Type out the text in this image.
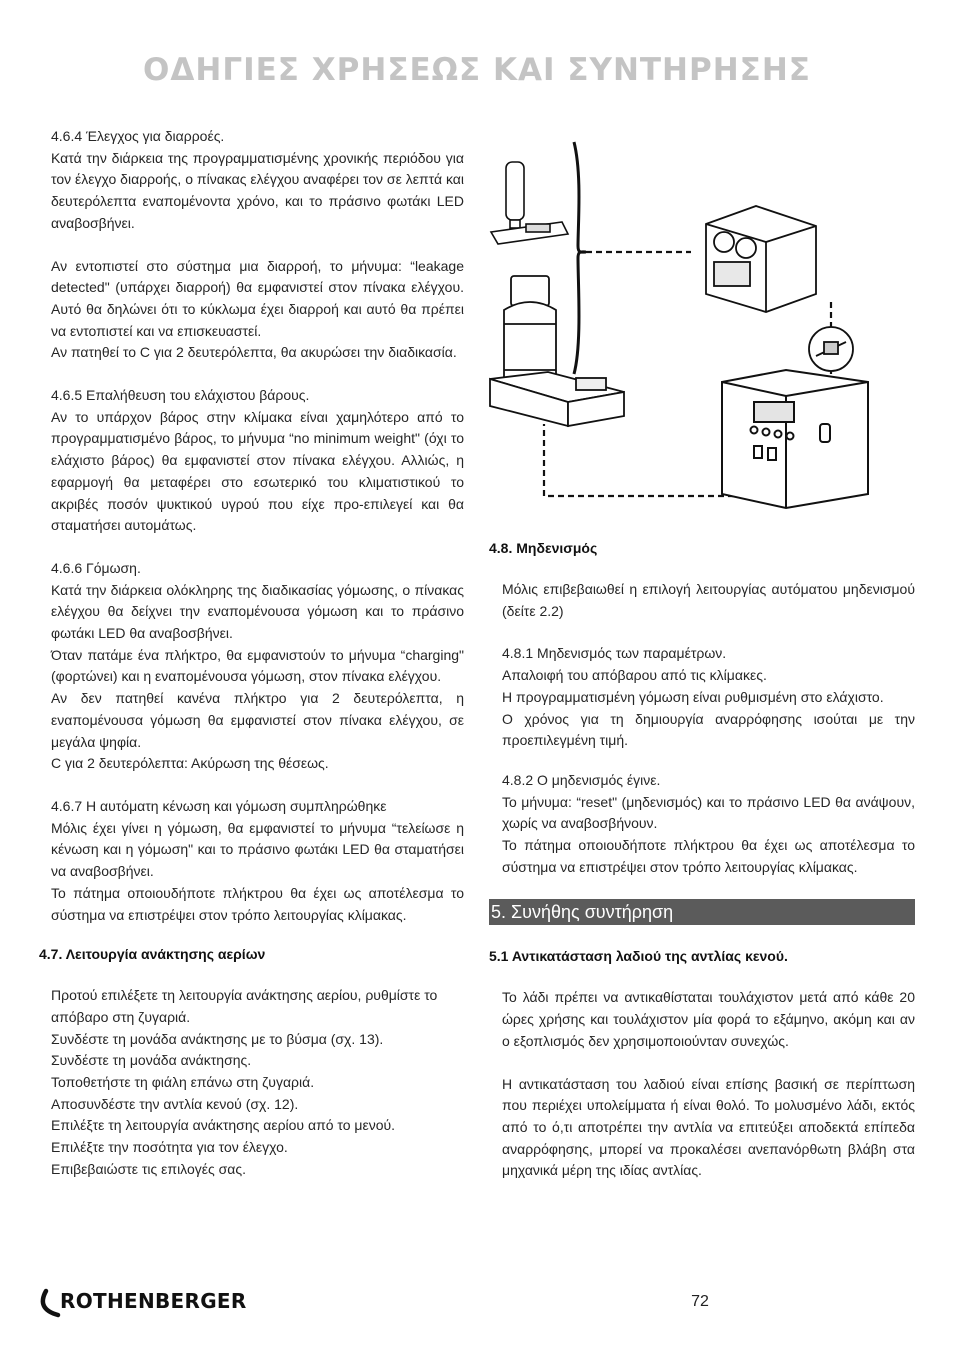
ΟΔΗΓΙΕΣ ΧΡΗΣΕΩΣ ΚΑΙ ΣΥΝΤΗΡΗΣΗΣ

4.6.4 Έλεγχος για διαρροές.

Κατά την διάρκεια της προγραμματισμένης χρονικής περιόδου για τον έλεγχο διαρροής, ο πίνακας ελέγχου αναφέρει τον σε λεπτά και δευτερόλεπτα εναπομένοντα χρόνο, και το πράσινο φωτάκι LED αναβοσβήνει.

Αν εντοπιστεί στο σύστημα μια διαρροή, το μήνυμα: “leakage detected" (υπάρχει διαρροή) θα εμφανιστεί στον πίνακα ελέγχου. Αυτό θα δηλώνει ότι το κύκλωμα έχει διαρροή και αυτό θα πρέπει να εντοπιστεί και να επισκευαστεί.

Αν πατηθεί το C για 2 δευτερόλεπτα, θα ακυρώσει την διαδικασία.

4.6.5 Επαλήθευση του ελάχιστου βάρους.

Αν το υπάρχον βάρος στην κλίμακα είναι χαμηλότερο από το προγραμματισμένο βάρος, το μήνυμα “no minimum weight" (όχι το ελάχιστο βάρος) θα εμφανιστεί στον πίνακα ελέγχου. Αλλιώς, η εφαρμογή θα μεταφέρει στο εσωτερικό του κλιματιστικού το ακριβές ποσόν ψυκτικού υγρού που είχε προ-επιλεγεί και θα σταματήσει αυτομάτως.

4.6.6 Γόμωση.

Κατά την διάρκεια ολόκληρης της διαδικασίας γόμωσης, ο πίνακας ελέγχου θα δείχνει την εναπομένουσα γόμωση και το πράσινο φωτάκι LED θα αναβοσβήνει.

Όταν πατάμε ένα πλήκτρο, θα εμφανιστούν το μήνυμα “charging" (φορτώνει) και η εναπομένουσα γόμωση, στον πίνακα ελέγχου.

Αν δεν πατηθεί κανένα πλήκτρο για 2 δευτερόλεπτα, η εναπομένουσα γόμωση θα εμφανιστεί στον πίνακα ελέγχου, σε μεγάλα ψηφία.

C για 2 δευτερόλεπτα: Ακύρωση της θέσεως.

4.6.7 Η αυτόματη κένωση και γόμωση συμπληρώθηκε

Μόλις έχει γίνει η γόμωση, θα εμφανιστεί το μήνυμα “τελείωσε η κένωση και η γόμωση" και το πράσινο φωτάκι LED θα σταματήσει να αναβοσβήνει.

Το πάτημα οποιουδήποτε πλήκτρου θα έχει ως αποτέλεσμα το σύστημα να επιστρέψει στον τρόπο λειτουργίας κλίμακας.

4.7. Λειτουργία ανάκτησης αερίων

Προτού επιλέξετε τη λειτουργία ανάκτησης αερίου, ρυθμίστε το απόβαρο στη ζυγαριά.

Συνδέστε τη μονάδα ανάκτησης με το βύσμα (σχ. 13).

Συνδέστε τη μονάδα ανάκτησης.

Τοποθετήστε τη φιάλη επάνω στη ζυγαριά.

Αποσυνδέστε την αντλία κενού (σχ. 12).

Επιλέξτε τη λειτουργία ανάκτησης αερίου από το μενού.

Επιλέξτε την ποσότητα για τον έλεγχο.

Επιβεβαιώστε τις επιλογές σας.

4.8. Μηδενισμός

Μόλις επιβεβαιωθεί η επιλογή λειτουργίας αυτόματου μηδενισμού (δείτε 2.2)

4.8.1 Μηδενισμός των παραμέτρων.

Απαλοιφή του απόβαρου από τις κλίμακες.

Η προγραμματισμένη γόμωση είναι ρυθμισμένη στο ελάχιστο.

Ο χρόνος για τη δημιουργία αναρρόφησης ισούται με την προεπιλεγμένη τιμή.

4.8.2 Ο μηδενισμός έγινε.

Το μήνυμα: “reset" (μηδενισμός) και το πράσινο LED θα ανάψουν, χωρίς να αναβοσβήνουν.

Το πάτημα οποιουδήποτε πλήκτρου θα έχει ως αποτέλεσμα το σύστημα να επιστρέψει στον τρόπο λειτουργίας κλίμακας.

5. Συνήθης συντήρηση
5.1 Αντικατάσταση λαδιού της αντλίας κενού.

Το λάδι πρέπει να αντικαθίσταται τουλάχιστον μετά από κάθε 20 ώρες χρήσης και τουλάχιστον μία φορά το εξάμηνο, ακόμη και αν ο εξοπλισμός δεν χρησιμοποιούνταν συνεχώς.

Η αντικατάσταση του λαδιού είναι επίσης βασική σε περίπτωση που περιέχει υπολείμματα ή είναι θολό. Το μολυσμένο λάδι, εκτός από το ό,τι αποτρέπει την αντλία να επιτεύξει αποδεκτά επίπεδα αναρρόφησης, μπορεί να προκαλέσει ανεπανόρθωτη βλάβη στα μηχανικά μέρη της ιδίας αντλίας.

ROTHENBERGER	72
